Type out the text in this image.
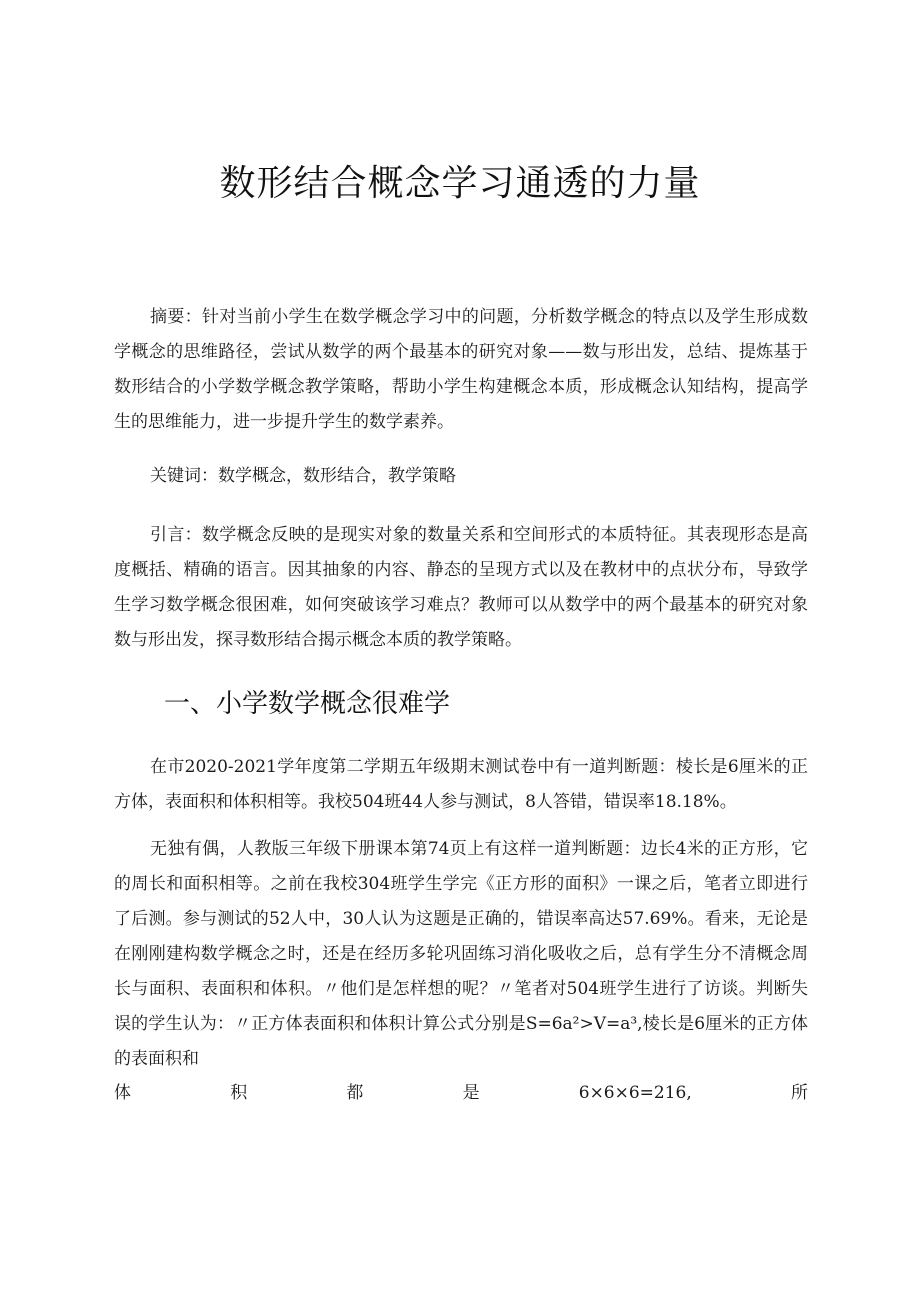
数形结合概念学习通透的力量

摘要：针对当前小学生在数学概念学习中的问题，分析数学概念的特点以及学生形成数学概念的思维路径，尝试从数学的两个最基本的研究对象——数与形出发，总结、提炼基于数形结合的小学数学概念教学策略，帮助小学生构建概念本质，形成概念认知结构，提高学生的思维能力，进一步提升学生的数学素养。

关键词：数学概念，数形结合，教学策略

引言：数学概念反映的是现实对象的数量关系和空间形式的本质特征。其表现形态是高度概括、精确的语言。因其抽象的内容、静态的呈现方式以及在教材中的点状分布，导致学生学习数学概念很困难，如何突破该学习难点？教师可以从数学中的两个最基本的研究对象数与形出发，探寻数形结合揭示概念本质的教学策略。

一、小学数学概念很难学

在市2020-2021学年度第二学期五年级期末测试卷中有一道判断题：棱长是6厘米的正方体，表面积和体积相等。我校504班44人参与测试，8人答错，错误率18.18%。

无独有偶，人教版三年级下册课本第74页上有这样一道判断题：边长4米的正方形，它的周长和面积相等。之前在我校304班学生学完《正方形的面积》一课之后，笔者立即进行了后测。参与测试的52人中，30人认为这题是正确的，错误率高达57.69%。看来，无论是在刚刚建构数学概念之时，还是在经历多轮巩固练习消化吸收之后，总有学生分不清概念周长与面积、表面积和体积。〃他们是怎样想的呢？〃笔者对504班学生进行了访谈。判断失误的学生认为：〃正方体表面积和体积计算公式分别是S=6a²>V=a³,棱长是6厘米的正方体的表面积和

体	积	都	是	6×6×6=216,	所
